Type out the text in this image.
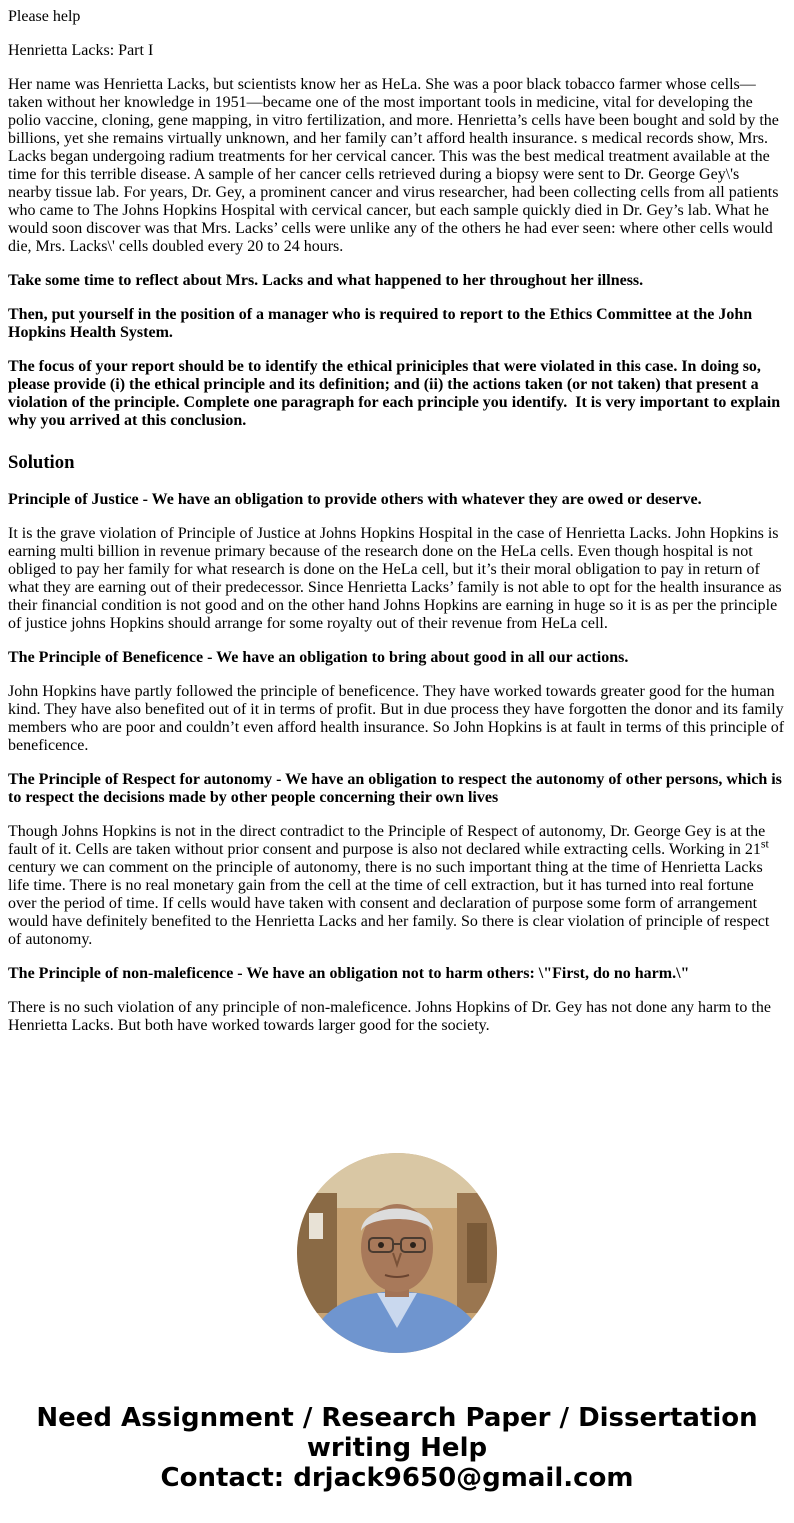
Please help

Henrietta Lacks: Part I

Her name was Henrietta Lacks, but scientists know her as HeLa. She was a poor black tobacco farmer whose cells—taken without her knowledge in 1951—became one of the most important tools in medicine, vital for developing the polio vaccine, cloning, gene mapping, in vitro fertilization, and more. Henrietta’s cells have been bought and sold by the billions, yet she remains virtually unknown, and her family can’t afford health insurance. s medical records show, Mrs. Lacks began undergoing radium treatments for her cervical cancer. This was the best medical treatment available at the time for this terrible disease. A sample of her cancer cells retrieved during a biopsy were sent to Dr. George Gey\'s nearby tissue lab. For years, Dr. Gey, a prominent cancer and virus researcher, had been collecting cells from all patients who came to The Johns Hopkins Hospital with cervical cancer, but each sample quickly died in Dr. Gey’s lab. What he would soon discover was that Mrs. Lacks’ cells were unlike any of the others he had ever seen: where other cells would die, Mrs. Lacks\' cells doubled every 20 to 24 hours.

Take some time to reflect about Mrs. Lacks and what happened to her throughout her illness.

Then, put yourself in the position of a manager who is required to report to the Ethics Committee at the John Hopkins Health System.

The focus of your report should be to identify the ethical priniciples that were violated in this case. In doing so, please provide (i) the ethical principle and its definition; and (ii) the actions taken (or not taken) that present a violation of the principle. Complete one paragraph for each principle you identify.  It is very important to explain why you arrived at this conclusion.

Solution

Principle of Justice - We have an obligation to provide others with whatever they are owed or deserve.

It is the grave violation of Principle of Justice at Johns Hopkins Hospital in the case of Henrietta Lacks. John Hopkins is earning multi billion in revenue primary because of the research done on the HeLa cells. Even though hospital is not obliged to pay her family for what research is done on the HeLa cell, but it’s their moral obligation to pay in return of what they are earning out of their predecessor. Since Henrietta Lacks’ family is not able to opt for the health insurance as their financial condition is not good and on the other hand Johns Hopkins are earning in huge so it is as per the principle of justice johns Hopkins should arrange for some royalty out of their revenue from HeLa cell.

The Principle of Beneficence - We have an obligation to bring about good in all our actions.

John Hopkins have partly followed the principle of beneficence. They have worked towards greater good for the human kind. They have also benefited out of it in terms of profit. But in due process they have forgotten the donor and its family members who are poor and couldn’t even afford health insurance. So John Hopkins is at fault in terms of this principle of beneficence.

The Principle of Respect for autonomy - We have an obligation to respect the autonomy of other persons, which is to respect the decisions made by other people concerning their own lives

Though Johns Hopkins is not in the direct contradict to the Principle of Respect of autonomy, Dr. George Gey is at the fault of it. Cells are taken without prior consent and purpose is also not declared while extracting cells. Working in 21st century we can comment on the principle of autonomy, there is no such important thing at the time of Henrietta Lacks life time. There is no real monetary gain from the cell at the time of cell extraction, but it has turned into real fortune over the period of time. If cells would have taken with consent and declaration of purpose some form of arrangement would have definitely benefited to the Henrietta Lacks and her family. So there is clear violation of principle of respect of autonomy.

The Principle of non-maleficence - We have an obligation not to harm others: \"First, do no harm.\"

There is no such violation of any principle of non-maleficence. Johns Hopkins of Dr. Gey has not done any harm to the Henrietta Lacks. But both have worked towards larger good for the society.

Need Assignment / Research Paper / Dissertation
writing Help
Contact: drjack9650@gmail.com
